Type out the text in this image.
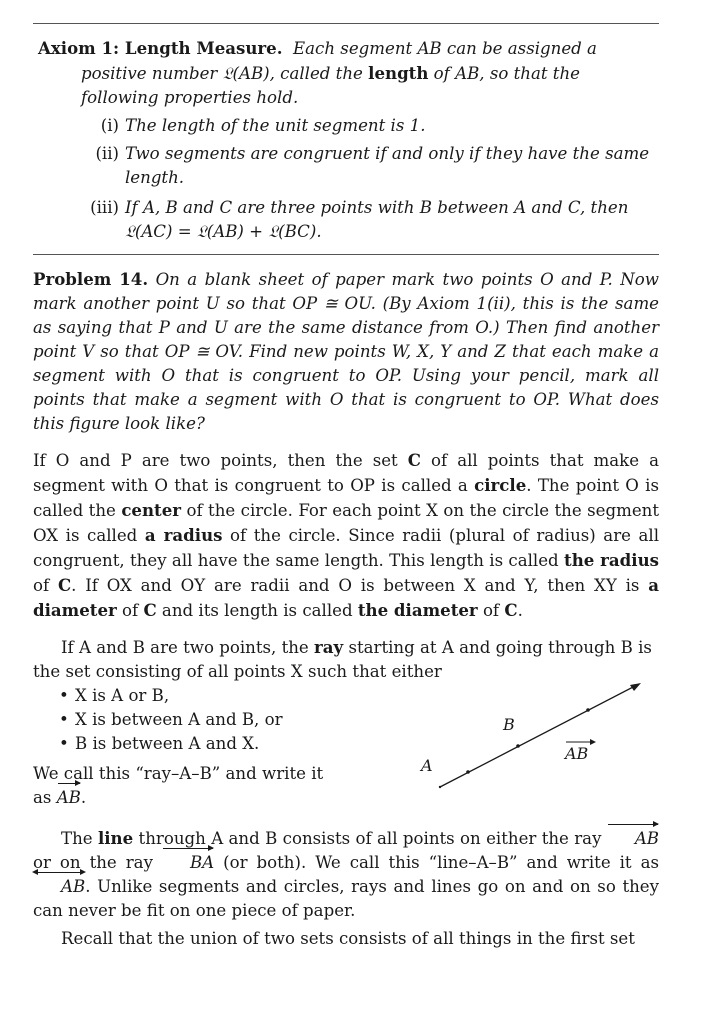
Axiom 1: Length Measure. Each segment AB can be assigned a positive number 𝔏(AB), called the length of AB, so that the following properties hold.

(i) The length of the unit segment is 1.
(ii) Two segments are congruent if and only if they have the same length.
(iii) If A, B and C are three points with B between A and C, then 𝔏(AC) = 𝔏(AB) + 𝔏(BC).

Problem 14. On a blank sheet of paper mark two points O and P. Now mark another point U so that OP ≅ OU. (By Axiom 1(ii), this is the same as saying that P and U are the same distance from O.) Then find another point V so that OP ≅ OV. Find new points W, X, Y and Z that each make a segment with O that is congruent to OP. Using your pencil, mark all points that make a segment with O that is congruent to OP. What does this figure look like?

If O and P are two points, then the set C of all points that make a segment with O that is congruent to OP is called a circle. The point O is called the center of the circle. For each point X on the circle the segment OX is called a radius of the circle. Since radii (plural of radius) are all congruent, they all have the same length. This length is called the radius of C. If OX and OY are radii and O is between X and Y, then XY is a diameter of C and its length is called the diameter of C.

If A and B are two points, the ray starting at A and going through B is the set consisting of all points X such that either

• X is A or B,
• X is between A and B, or
• B is between A and X.
We call this “ray–A–B” and write it
as AB.
A
B
AB

The line through A and B consists of all points on either the ray AB or on the ray BA (or both). We call this “line–A–B” and write it as
AB
. Unlike segments and circles, rays and lines go on and on so they can never be fit on one piece of paper.

Recall that the union of two sets consists of all things in the first set
